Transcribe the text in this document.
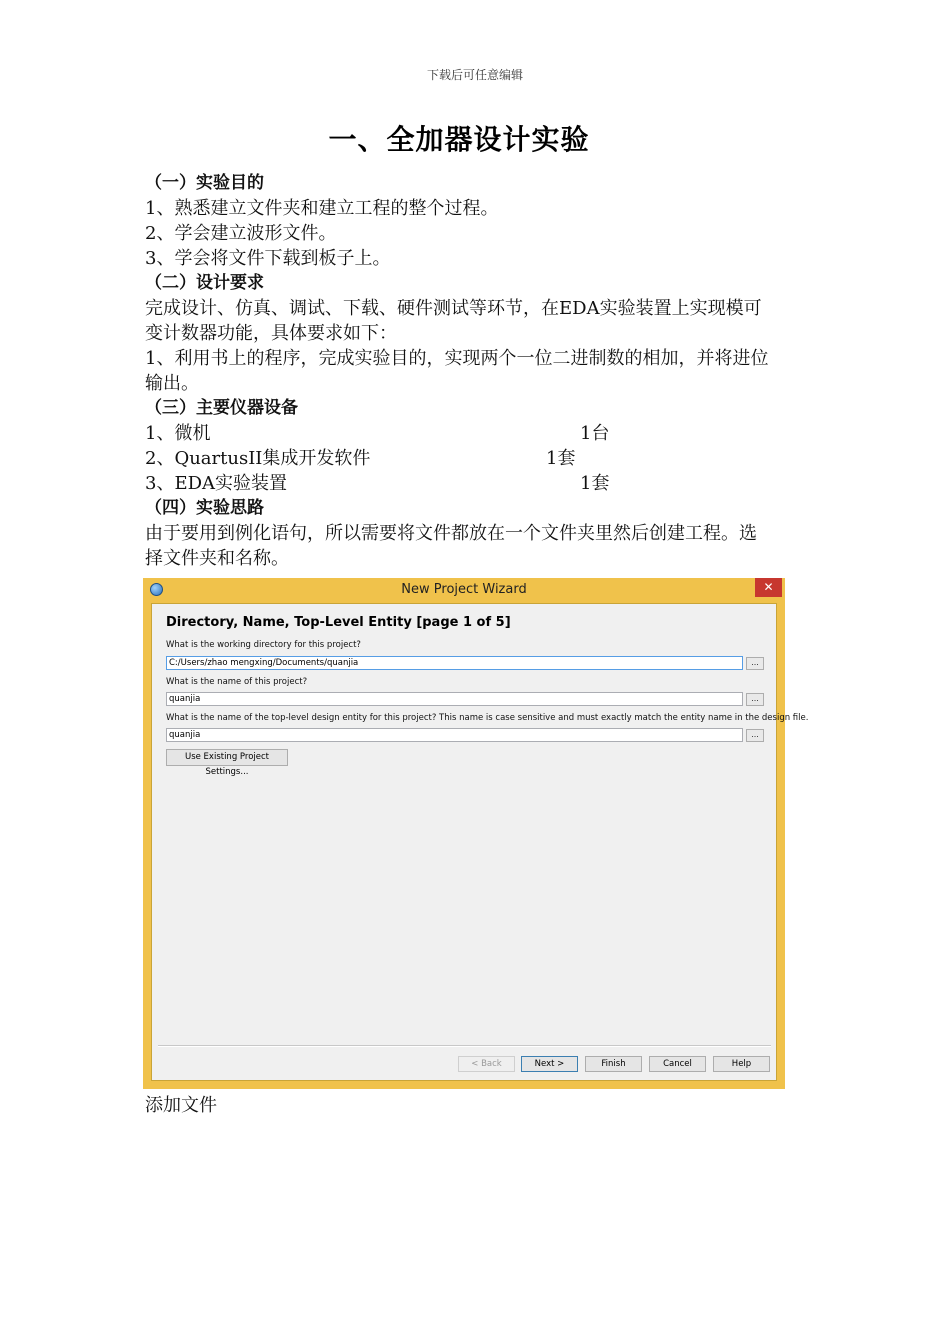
下载后可任意编辑
一、全加器设计实验
（一）实验目的
1、熟悉建立文件夹和建立工程的整个过程。
2、学会建立波形文件。
3、学会将文件下载到板子上。
（二）设计要求
完成设计、仿真、调试、下载、硬件测试等环节，在EDA实验装置上实现模可
变计数器功能，具体要求如下：
1、利用书上的程序，完成实验目的，实现两个一位二进制数的相加，并将进位
输出。
（三）主要仪器设备
1、微机	1台
2、QuartusII集成开发软件	1套
3、EDA实验装置	1套
（四）实验思路
由于要用到例化语句，所以需要将文件都放在一个文件夹里然后创建工程。选
择文件夹和名称。
New Project Wizard	✕
Directory, Name, Top-Level Entity [page 1 of 5]
What is the working directory for this project?
C:/Users/zhao mengxing/Documents/quanjia	...
What is the name of this project?
quanjia	...
What is the name of the top-level design entity for this project? This name is case sensitive and must exactly match the entity name in the design file.
quanjia	...
Use Existing Project Settings...
< Back	Next >	Finish	Cancel	Help
添加文件
